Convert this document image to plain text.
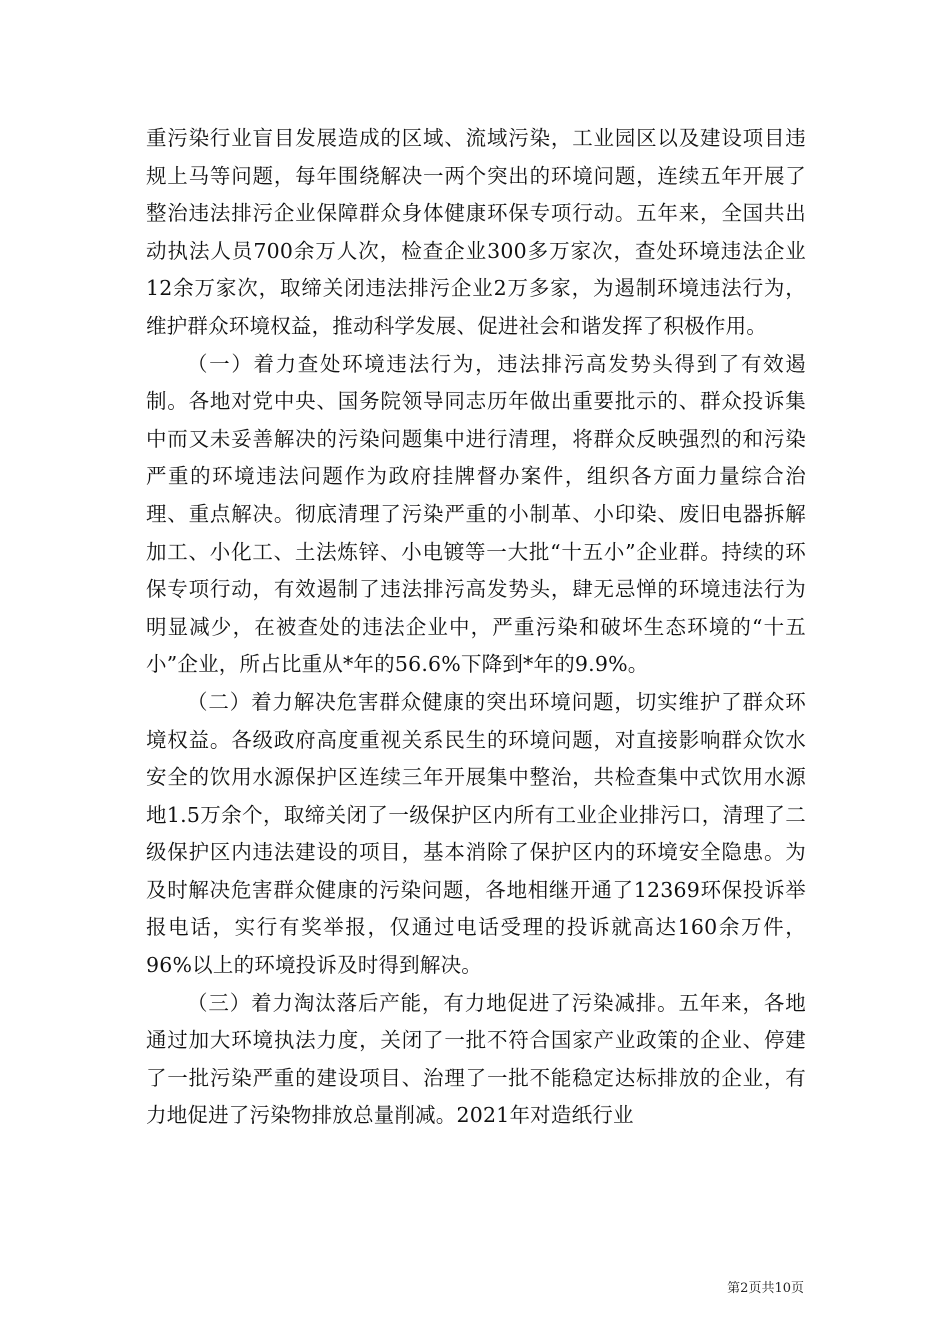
重污染行业盲目发展造成的区域、流域污染，工业园区以及建设项目违规上马等问题，每年围绕解决一两个突出的环境问题，连续五年开展了整治违法排污企业保障群众身体健康环保专项行动。五年来，全国共出动执法人员700余万人次，检查企业300多万家次，查处环境违法企业12余万家次，取缔关闭违法排污企业2万多家，为遏制环境违法行为，维护群众环境权益，推动科学发展、促进社会和谐发挥了积极作用。

（一）着力查处环境违法行为，违法排污高发势头得到了有效遏制。各地对党中央、国务院领导同志历年做出重要批示的、群众投诉集中而又未妥善解决的污染问题集中进行清理，将群众反映强烈的和污染严重的环境违法问题作为政府挂牌督办案件，组织各方面力量综合治理、重点解决。彻底清理了污染严重的小制革、小印染、废旧电器拆解加工、小化工、土法炼锌、小电镀等一大批“十五小”企业群。持续的环保专项行动，有效遏制了违法排污高发势头，肆无忌惮的环境违法行为明显减少，在被查处的违法企业中，严重污染和破坏生态环境的“十五小”企业，所占比重从*年的56.6%下降到*年的9.9%。

（二）着力解决危害群众健康的突出环境问题，切实维护了群众环境权益。各级政府高度重视关系民生的环境问题，对直接影响群众饮水安全的饮用水源保护区连续三年开展集中整治，共检查集中式饮用水源地1.5万余个，取缔关闭了一级保护区内所有工业企业排污口，清理了二级保护区内违法建设的项目，基本消除了保护区内的环境安全隐患。为及时解决危害群众健康的污染问题，各地相继开通了12369环保投诉举报电话，实行有奖举报，仅通过电话受理的投诉就高达160余万件，96%以上的环境投诉及时得到解决。

（三）着力淘汰落后产能，有力地促进了污染减排。五年来，各地通过加大环境执法力度，关闭了一批不符合国家产业政策的企业、停建了一批污染严重的建设项目、治理了一批不能稳定达标排放的企业，有力地促进了污染物排放总量削减。2021年对造纸行业

第2页共10页
